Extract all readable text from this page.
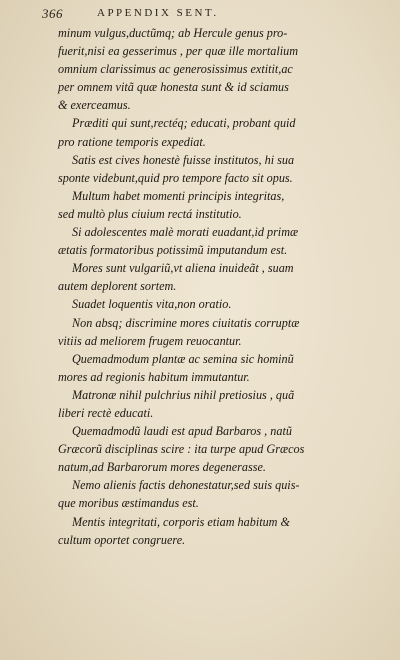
366	APPENDIX SENT.
minum vulgus,ductũmq; ab Hercule genus pro-
fuerit,nisi ea gesserimus , per quæ ille mortalium
omnium clarissimus ac generosissimus extitit,ac
per omnem vitã quæ honesta sunt & id sciamus
& exerceamus.
Præditi qui sunt,rectéq; educati, probant quid
pro ratione temporis expediat.
Satis est cives honestè fuisse institutos, hi sua
sponte videbunt,quid pro tempore facto sit opus.
Multum habet momenti principis integritas,
sed multò plus ciuium rectá institutio.
Si adolescentes malè morati euadant,id primæ
ætatis formatoribus potissimũ imputandum est.
Mores sunt vulgariũ,vt aliena inuideãt , suam
autem deplorent sortem.
Suadet loquentis vita,non oratio.
Non absq; discrimine mores ciuitatis corruptæ
vitiis ad meliorem frugem reuocantur.
Quemadmodum plantæ ac semina sic hominũ
mores ad regionis habitum immutantur.
Matronæ nihil pulchrius nihil pretiosius , quã
liberi rectè educati.
Quemadmodũ laudi est apud Barbaros , natũ
Græcorũ disciplinas scire : ita turpe apud Græcos
natum,ad Barbarorum mores degenerasse.
Nemo alienis factis dehonestatur,sed suis quis-
que moribus æstimandus est.
Mentis integritati, corporis etiam habitum &
cultum oportet congruere.
